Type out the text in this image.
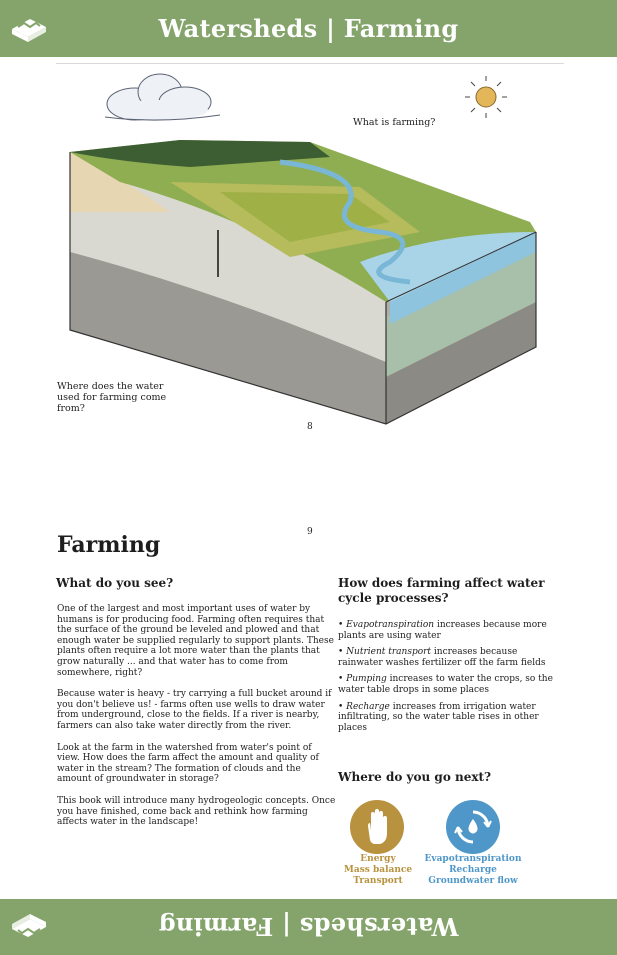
Watersheds | Farming
What is farming?
Where does the water used for farming come from?
8
9
Farming
What do you see?

One of the largest and most important uses of water by humans is for producing food. Farming often requires that the surface of the ground be leveled and plowed and that enough water be supplied regularly to support plants. These plants often require a lot more water than the plants that grow naturally ... and that water has to come from somewhere, right?

Because water is heavy - try carrying a full bucket around if you don't believe us! - farms often use wells to draw water from underground, close to the fields. If a river is nearby, farmers can also take water directly from the river.

Look at the farm in the watershed from water's point of view. How does the farm affect the amount and quality of water in the stream? The formation of clouds and the amount of groundwater in storage?

This book will introduce many hydrogeologic concepts. Once you have finished, come back and rethink how farming affects water in the landscape!

How does farming affect water cycle processes?

• Evapotranspiration increases because more plants are using water

• Nutrient transport increases because rainwater washes fertilizer off the farm fields

• Pumping increases to water the crops, so the water table drops in some places

• Recharge increases from irrigation water infiltrating, so the water table rises in other places

Where do you go next?
Energy
Mass balance
Transport
Evapotranspiration
Recharge
Groundwater flow
Watersheds | Farming
